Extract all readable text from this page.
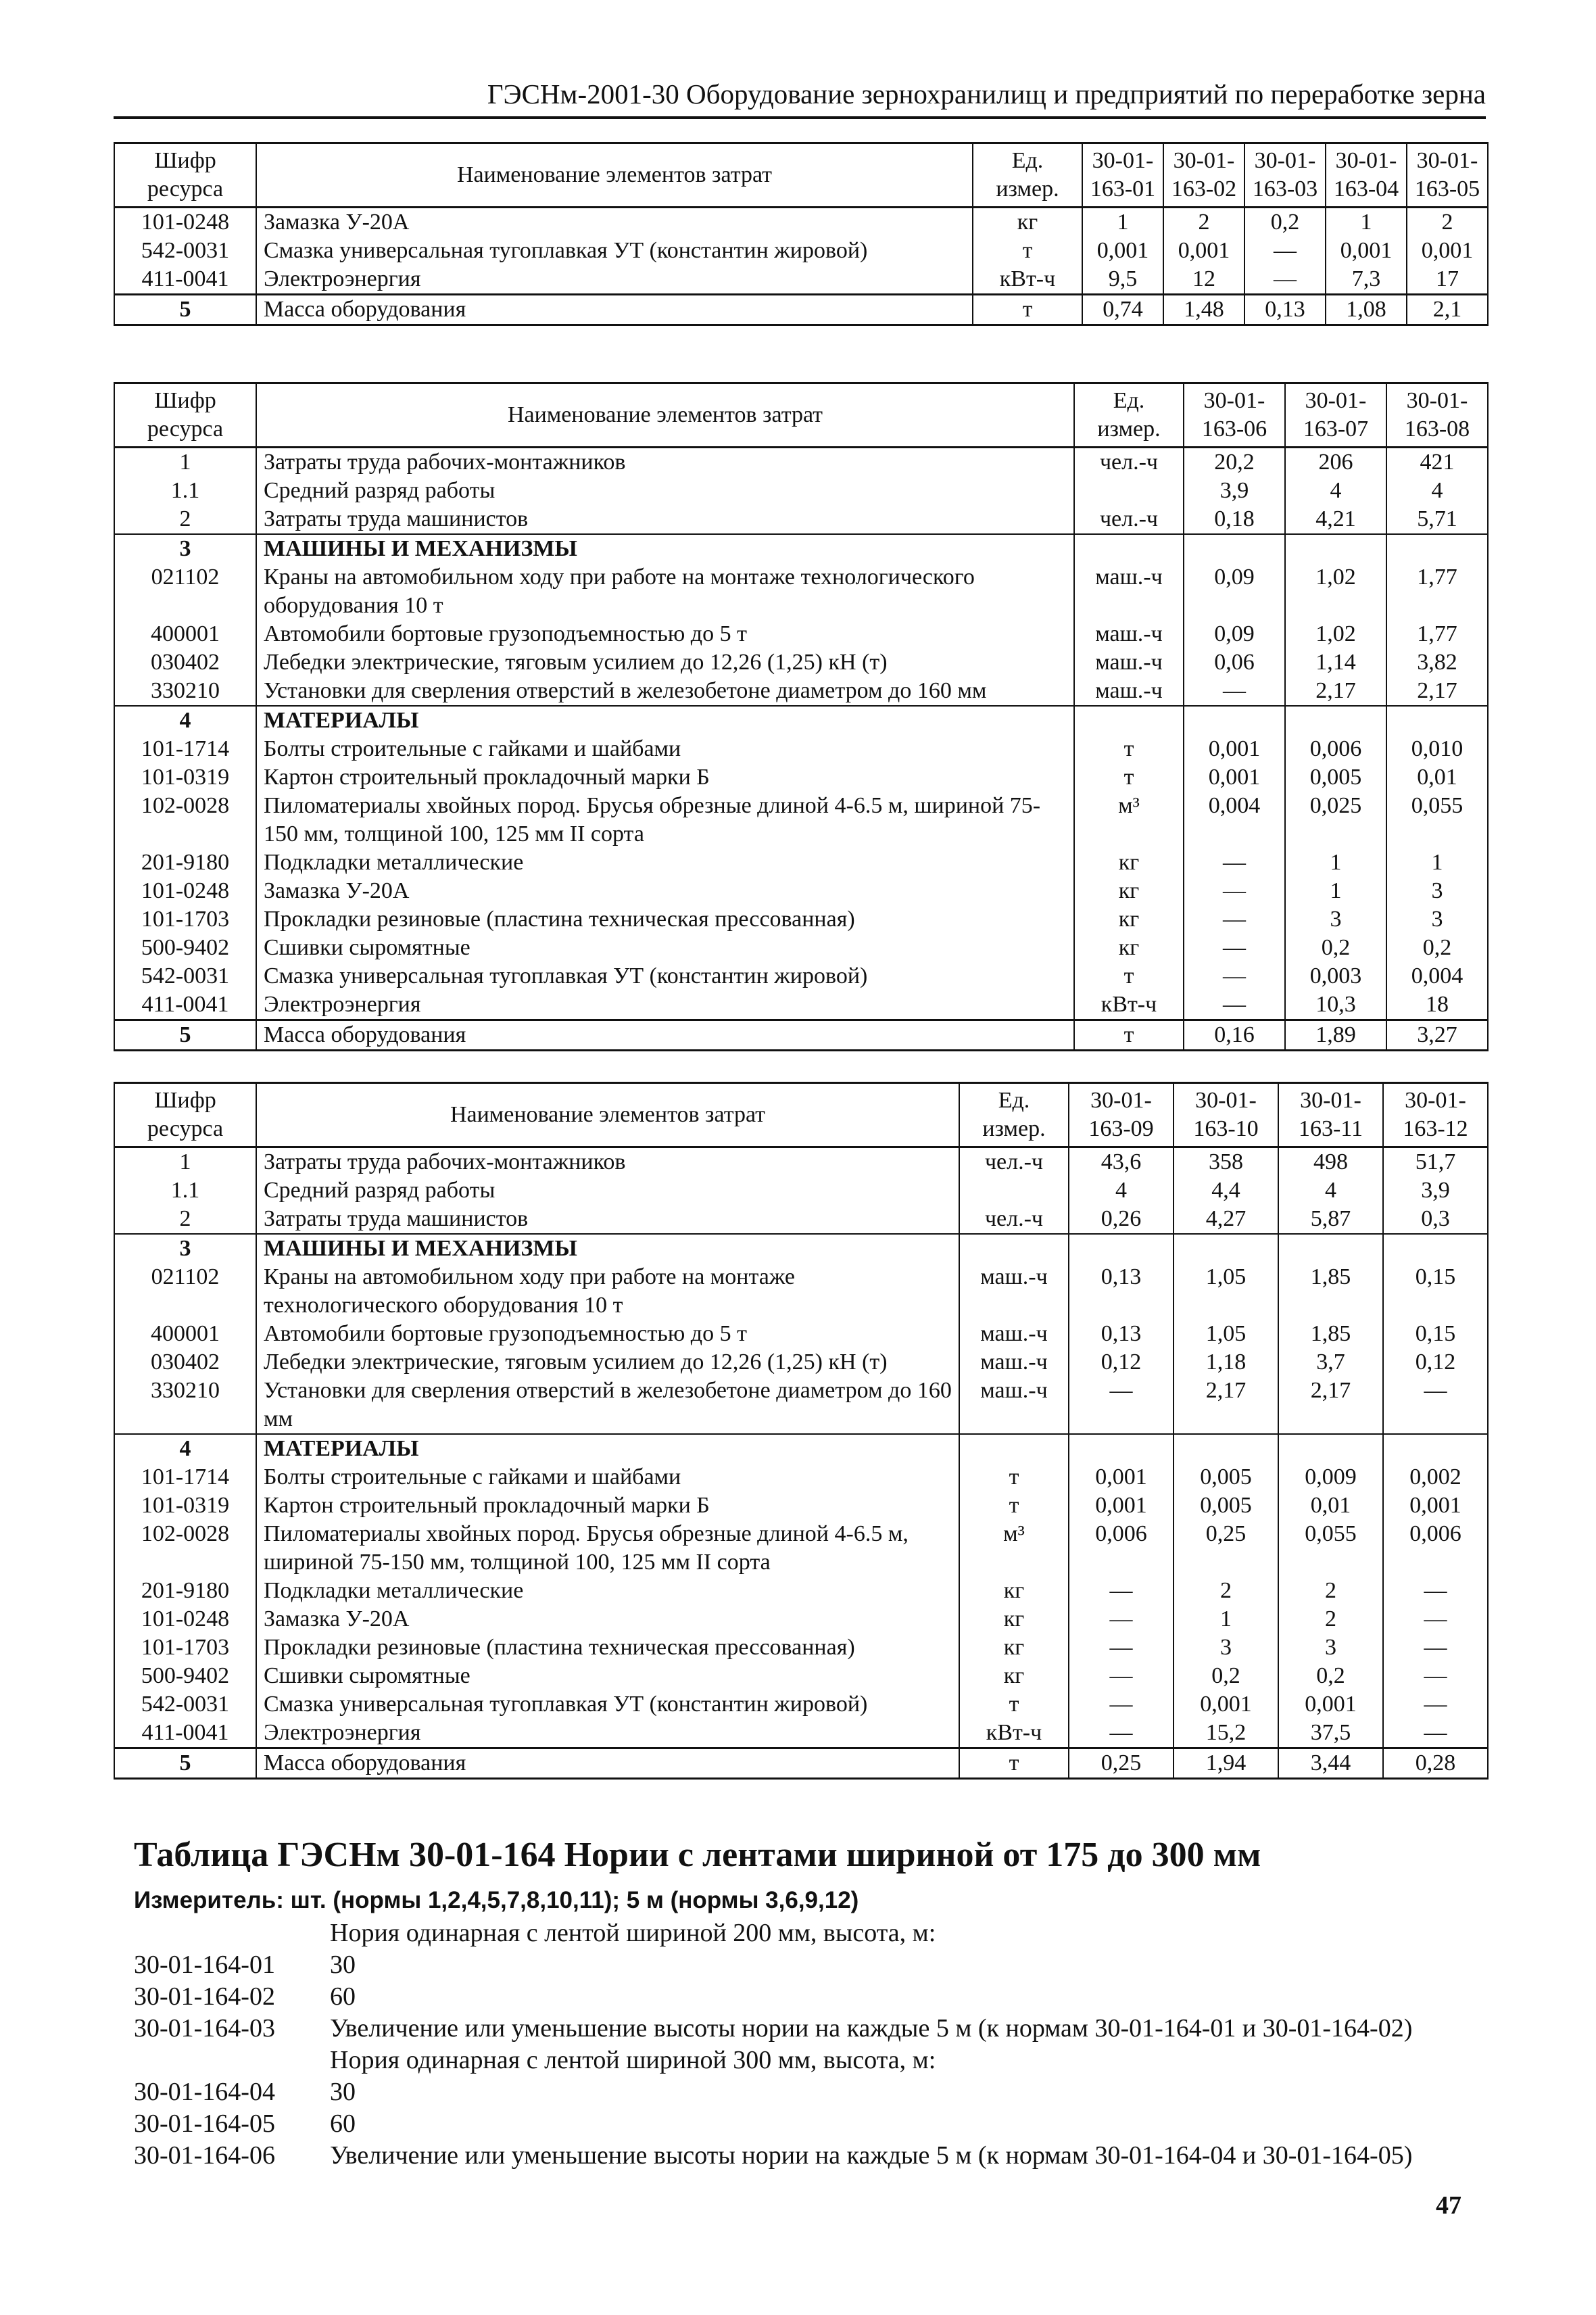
ГЭСНм-2001-30 Оборудование зернохранилищ и предприятий по переработке зерна
Шифр ресурса	Наименование элементов затрат	Ед. измер.	30-01-163-01	30-01-163-02	30-01-163-03	30-01-163-04	30-01-163-05
101-0248	Замазка У-20А	кг	1	2	0,2	1	2
542-0031	Смазка универсальная тугоплавкая УТ (константин жировой)	т	0,001	0,001	—	0,001	0,001
411-0041	Электроэнергия	кВт-ч	9,5	12	—	7,3	17
5	Масса оборудования	т	0,74	1,48	0,13	1,08	2,1
Шифр ресурса	Наименование элементов затрат	Ед. измер.	30-01-163-06	30-01-163-07	30-01-163-08
1	Затраты труда рабочих-монтажников	чел.-ч	20,2	206	421
1.1	Средний разряд работы		3,9	4	4
2	Затраты труда машинистов	чел.-ч	0,18	4,21	5,71
3	МАШИНЫ И МЕХАНИЗМЫ				
021102	Краны на автомобильном ходу при работе на монтаже технологического оборудования 10 т	маш.-ч	0,09	1,02	1,77
400001	Автомобили бортовые грузоподъемностью до 5 т	маш.-ч	0,09	1,02	1,77
030402	Лебедки электрические, тяговым усилием до 12,26 (1,25) кН (т)	маш.-ч	0,06	1,14	3,82
330210	Установки для сверления отверстий в железобетоне диаметром до 160 мм	маш.-ч	—	2,17	2,17
4	МАТЕРИАЛЫ				
101-1714	Болты строительные с гайками и шайбами	т	0,001	0,006	0,010
101-0319	Картон строительный прокладочный марки Б	т	0,001	0,005	0,01
102-0028	Пиломатериалы хвойных пород. Брусья обрезные длиной 4-6.5 м, шириной 75-150 мм, толщиной 100, 125 мм II сорта	м³	0,004	0,025	0,055
201-9180	Подкладки металлические	кг	—	1	1
101-0248	Замазка У-20А	кг	—	1	3
101-1703	Прокладки резиновые (пластина техническая прессованная)	кг	—	3	3
500-9402	Сшивки сыромятные	кг	—	0,2	0,2
542-0031	Смазка универсальная тугоплавкая УТ (константин жировой)	т	—	0,003	0,004
411-0041	Электроэнергия	кВт-ч	—	10,3	18
5	Масса оборудования	т	0,16	1,89	3,27
Шифр ресурса	Наименование элементов затрат	Ед. измер.	30-01-163-09	30-01-163-10	30-01-163-11	30-01-163-12
1	Затраты труда рабочих-монтажников	чел.-ч	43,6	358	498	51,7
1.1	Средний разряд работы		4	4,4	4	3,9
2	Затраты труда машинистов	чел.-ч	0,26	4,27	5,87	0,3
3	МАШИНЫ И МЕХАНИЗМЫ					
021102	Краны на автомобильном ходу при работе на монтаже технологического оборудования 10 т	маш.-ч	0,13	1,05	1,85	0,15
400001	Автомобили бортовые грузоподъемностью до 5 т	маш.-ч	0,13	1,05	1,85	0,15
030402	Лебедки электрические, тяговым усилием до 12,26 (1,25) кН (т)	маш.-ч	0,12	1,18	3,7	0,12
330210	Установки для сверления отверстий в железобетоне диаметром до 160 мм	маш.-ч	—	2,17	2,17	—
4	МАТЕРИАЛЫ					
101-1714	Болты строительные с гайками и шайбами	т	0,001	0,005	0,009	0,002
101-0319	Картон строительный прокладочный марки Б	т	0,001	0,005	0,01	0,001
102-0028	Пиломатериалы хвойных пород. Брусья обрезные длиной 4-6.5 м, шириной 75-150 мм, толщиной 100, 125 мм II сорта	м³	0,006	0,25	0,055	0,006
201-9180	Подкладки металлические	кг	—	2	2	—
101-0248	Замазка У-20А	кг	—	1	2	—
101-1703	Прокладки резиновые (пластина техническая прессованная)	кг	—	3	3	—
500-9402	Сшивки сыромятные	кг	—	0,2	0,2	—
542-0031	Смазка универсальная тугоплавкая УТ (константин жировой)	т	—	0,001	0,001	—
411-0041	Электроэнергия	кВт-ч	—	15,2	37,5	—
5	Масса оборудования	т	0,25	1,94	3,44	0,28
Таблица ГЭСНм 30-01-164 Нории с лентами шириной от 175 до 300 мм
Измеритель: шт. (нормы 1,2,4,5,7,8,10,11); 5 м (нормы 3,6,9,12)
Нория одинарная с лентой шириной 200 мм, высота, м:
30-01-164-01	30
30-01-164-02	60
30-01-164-03	Увеличение или уменьшение высоты нории на каждые 5 м (к нормам 30-01-164-01 и 30-01-164-02)
Нория одинарная с лентой шириной 300 мм, высота, м:
30-01-164-04	30
30-01-164-05	60
30-01-164-06	Увеличение или уменьшение высоты нории на каждые 5 м (к нормам 30-01-164-04 и 30-01-164-05)
47
